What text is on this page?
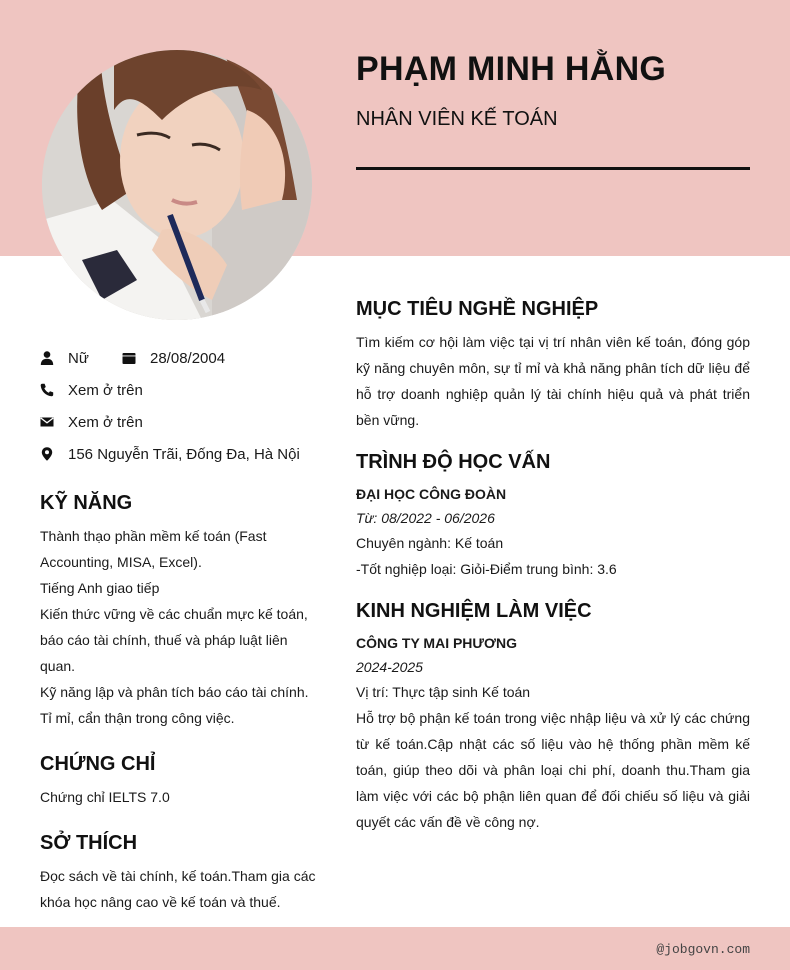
PHẠM MINH HẰNG
NHÂN VIÊN KẾ TOÁN
Nữ	28/08/2004
Xem ở trên
Xem ở trên
156 Nguyễn Trãi, Đống Đa, Hà Nội
KỸ NĂNG

Thành thạo phần mềm kế toán (Fast Accounting, MISA, Excel).

Tiếng Anh giao tiếp

Kiến thức vững về các chuẩn mực kế toán, báo cáo tài chính, thuế và pháp luật liên quan.

Kỹ năng lập và phân tích báo cáo tài chính.

Tỉ mỉ, cẩn thận trong công việc.

CHỨNG CHỈ

Chứng chỉ IELTS 7.0

SỞ THÍCH

Đọc sách về tài chính, kế toán.Tham gia các khóa học nâng cao về kế toán và thuế.

MỤC TIÊU NGHỀ NGHIỆP

Tìm kiếm cơ hội làm việc tại vị trí nhân viên kế toán, đóng góp kỹ năng chuyên môn, sự tỉ mỉ và khả năng phân tích dữ liệu để hỗ trợ doanh nghiệp quản lý tài chính hiệu quả và phát triển bền vững.

TRÌNH ĐỘ HỌC VẤN

ĐẠI HỌC CÔNG ĐOÀN

Từ: 08/2022 - 06/2026

Chuyên ngành: Kế toán

-Tốt nghiệp loại: Giỏi-Điểm trung bình: 3.6

KINH NGHIỆM LÀM VIỆC

CÔNG TY MAI PHƯƠNG

2024-2025

Vị trí: Thực tập sinh Kế toán

Hỗ trợ bộ phận kế toán trong việc nhập liệu và xử lý các chứng từ kế toán.Cập nhật các số liệu vào hệ thống phần mềm kế toán, giúp theo dõi và phân loại chi phí, doanh thu.Tham gia làm việc với các bộ phận liên quan để đối chiếu số liệu và giải quyết các vấn đề về công nợ.

@jobgovn.com
